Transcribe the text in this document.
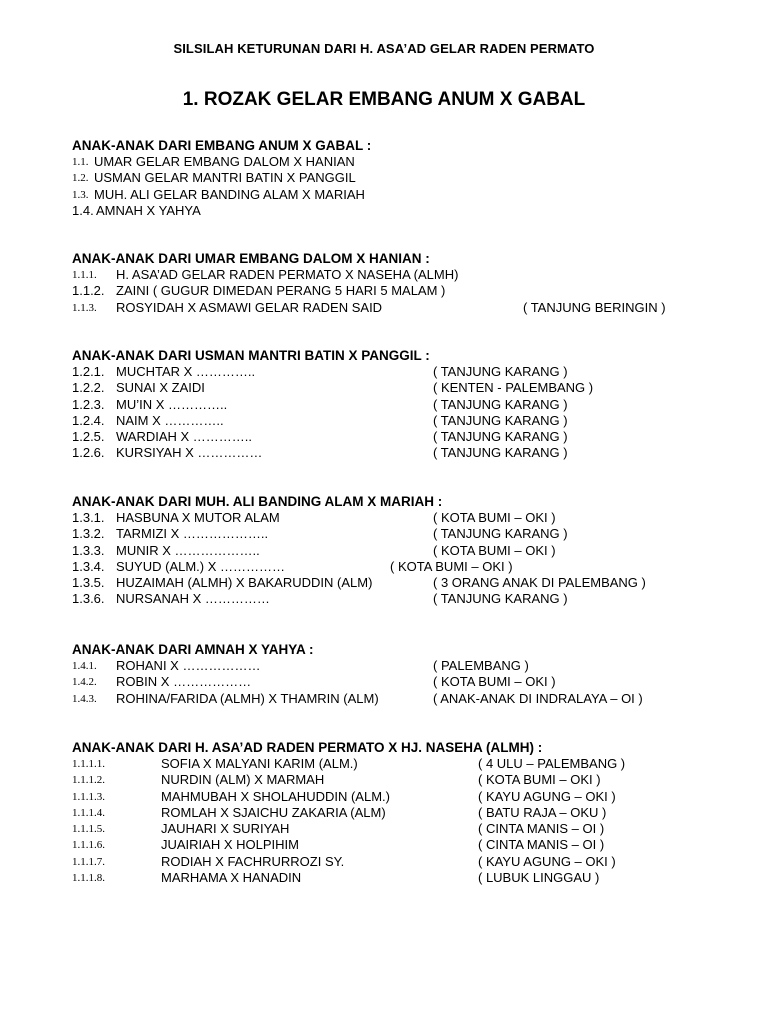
SILSILAH KETURUNAN DARI H. ASA’AD GELAR RADEN PERMATO
1. ROZAK GELAR EMBANG ANUM X GABAL
ANAK-ANAK DARI EMBANG ANUM X GABAL :
1.1. UMAR GELAR EMBANG DALOM X HANIAN
1.2. USMAN GELAR MANTRI BATIN X PANGGIL
1.3. MUH. ALI GELAR BANDING ALAM X MARIAH
1.4. AMNAH X YAHYA
ANAK-ANAK DARI UMAR EMBANG DALOM X HANIAN :
1.1.1. H. ASA’AD GELAR RADEN PERMATO X NASEHA (ALMH)
1.1.2. ZAINI ( GUGUR DIMEDAN PERANG 5 HARI 5 MALAM )
1.1.3. ROSYIDAH X ASMAWI GELAR RADEN SAID	( TANJUNG BERINGIN )
ANAK-ANAK DARI USMAN MANTRI BATIN X PANGGIL :
1.2.1. MUCHTAR X …………..	( TANJUNG KARANG )
1.2.2. SUNAI X ZAIDI	( KENTEN - PALEMBANG )
1.2.3. MU’IN X …………..	( TANJUNG KARANG )
1.2.4. NAIM X …………..	( TANJUNG KARANG )
1.2.5. WARDIAH X …………..	( TANJUNG KARANG )
1.2.6. KURSIYAH X ……………	( TANJUNG KARANG )
ANAK-ANAK DARI MUH. ALI BANDING ALAM X MARIAH :
1.3.1. HASBUNA X MUTOR ALAM	( KOTA BUMI – OKI )
1.3.2. TARMIZI X ………………..	( TANJUNG KARANG )
1.3.3. MUNIR X ………………..	( KOTA BUMI – OKI )
1.3.4. SUYUD (ALM.) X ……………	( KOTA BUMI – OKI )
1.3.5. HUZAIMAH (ALMH) X BAKARUDDIN (ALM)	( 3 ORANG ANAK DI PALEMBANG )
1.3.6. NURSANAH X ……………	( TANJUNG KARANG )
ANAK-ANAK DARI AMNAH X YAHYA :
1.4.1. ROHANI X ………………	( PALEMBANG )
1.4.2. ROBIN X ………………	( KOTA BUMI – OKI )
1.4.3. ROHINA/FARIDA (ALMH) X THAMRIN (ALM)	( ANAK-ANAK DI INDRALAYA – OI )
ANAK-ANAK DARI H. ASA’AD RADEN PERMATO X HJ. NASEHA (ALMH) :
1.1.1.1.	SOFIA X MALYANI KARIM (ALM.)	( 4 ULU – PALEMBANG )
1.1.1.2.	NURDIN (ALM) X MARMAH	( KOTA BUMI – OKI )
1.1.1.3.	MAHMUBAH X SHOLAHUDDIN (ALM.)	( KAYU AGUNG – OKI )
1.1.1.4.	ROMLAH X SJAICHU ZAKARIA (ALM)	( BATU RAJA – OKU )
1.1.1.5.	JAUHARI X SURIYAH	( CINTA MANIS – OI )
1.1.1.6.	JUAIRIAH X HOLPIHIM	( CINTA MANIS – OI )
1.1.1.7.	RODIAH X FACHRURROZI SY.	( KAYU AGUNG – OKI )
1.1.1.8.	MARHAMA X HANADIN	( LUBUK LINGGAU )
